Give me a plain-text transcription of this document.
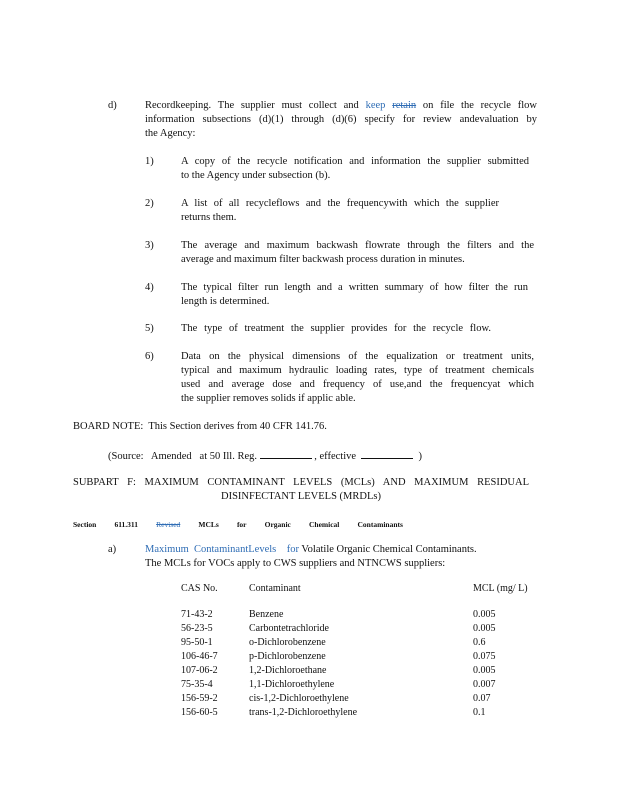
d)	Recordkeeping. The supplier must collect and keep retain on file the recycle flow
information subsections (d)(1) through (d)(6) specify for review andevaluation by
the Agency:
1)	A copy of the recycle notification and information the supplier submitted
to the Agency under subsection (b).
2)	A list of all recycleflows and the frequencywith which the supplier
returns them.
3)	The average and maximum backwash flowrate through the filters and the
average and maximum filter backwash process duration in minutes.
4)	The typical filter run length and a written summary of how filter the run
length is determined.
5)	The type of treatment the supplier provides for the recycle flow.
6)	Data on the physical dimensions of the equalization or treatment units,
typical and maximum hydraulic loading rates, type of treatment chemicals
used and average dose and frequency of use,and the frequencyat which
the supplier removes solids if applic able.
BOARD NOTE:  This Section derives from 40 CFR 141.76.
(Source:   Amended   at 50 Ill. Reg.	, effective	)
SUBPART F: MAXIMUM CONTAMINANT LEVELS (MCLs) AND MAXIMUM RESIDUAL
DISINFECTANT LEVELS (MRDLs)
Section 611.311 Revised MCLs for Organic Chemical Contaminants
a)	Maximum  ContaminantLevels    for Volatile Organic Chemical Contaminants.
The MCLs for VOCs apply to CWS suppliers and NTNCWS suppliers:
CAS No.	Contaminant	MCL (mg/ L)

71-43-2	Benzene	0.005
56-23-5	Carbontetrachloride	0.005
95-50-1	o-Dichlorobenzene	0.6
106-46-7	p-Dichlorobenzene	0.075
107-06-2	1,2-Dichloroethane	0.005
75-35-4	1,1-Dichloroethylene	0.007
156-59-2	cis-1,2-Dichloroethylene	0.07
156-60-5	trans-1,2-Dichloroethylene	0.1
